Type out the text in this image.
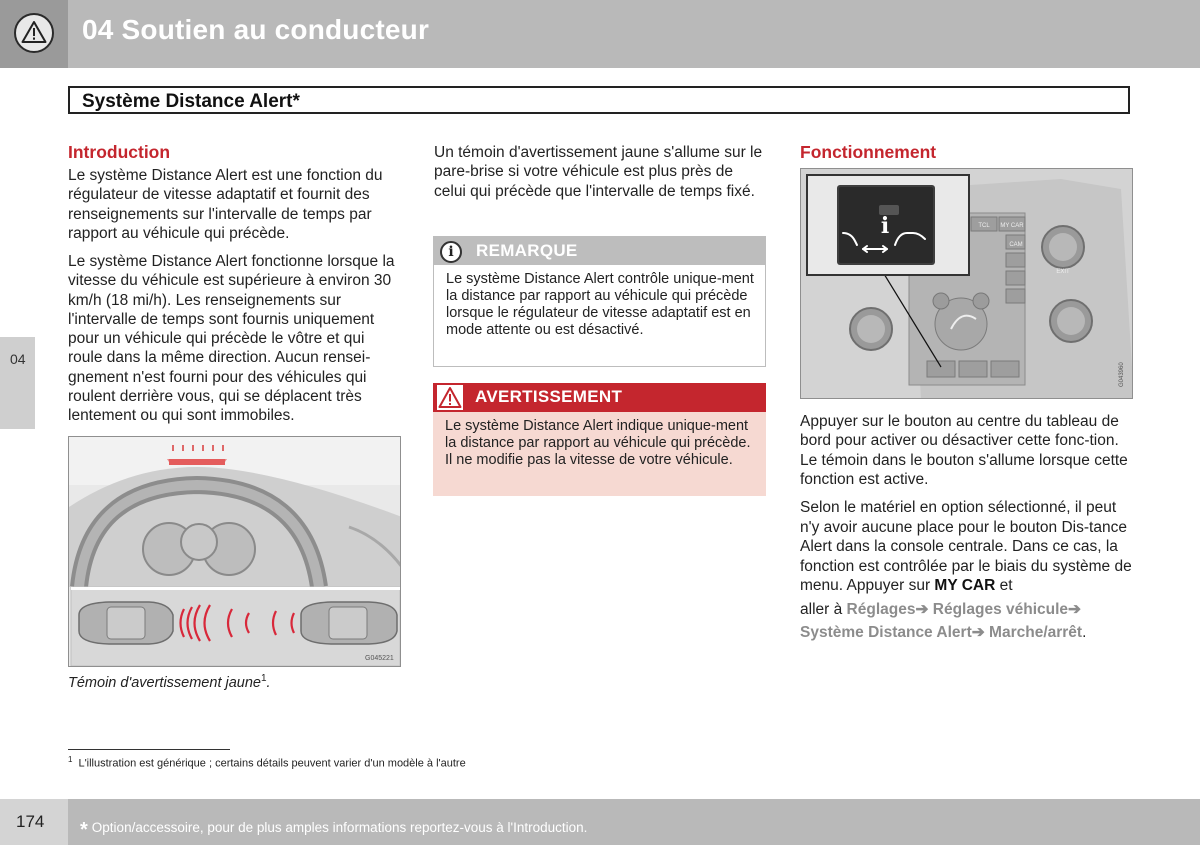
04 Soutien au conducteur
Système Distance Alert*
04
Introduction

Le système Distance Alert est une fonction du régulateur de vitesse adaptatif et fournit des renseignements sur l'intervalle de temps par rapport au véhicule qui précède.

Le système Distance Alert fonctionne lorsque la vitesse du véhicule est supérieure à environ 30 km/h (18 mi/h). Les renseignements sur l'intervalle de temps sont fournis uniquement pour un véhicule qui précède le vôtre et qui roule dans la même direction. Aucun rensei-gnement n'est fourni pour des véhicules qui roulent derrière vous, qui se déplacent très lentement ou qui sont immobiles.

G045221
Témoin d'avertissement jaune$^1$.

Un témoin d'avertissement jaune s'allume sur le pare-brise si votre véhicule est plus près de celui qui précède que l'intervalle de temps fixé.

i	REMARQUE

Le système Distance Alert contrôle unique-ment la distance par rapport au véhicule qui précède lorsque le régulateur de vitesse adaptatif est en mode attente ou est désactivé.

AVERTISSEMENT

Le système Distance Alert indique unique-ment la distance par rapport au véhicule qui précède. Il ne modifie pas la vitesse de votre véhicule.

Fonctionnement
TCL MY CAR
CAM
EXIT
i
G043960

Appuyer sur le bouton au centre du tableau de bord pour activer ou désactiver cette fonc-tion. Le témoin dans le bouton s'allume lorsque cette fonction est active.

Selon le matériel en option sélectionné, il peut n'y avoir aucune place pour le bouton Dis-tance Alert dans la console centrale. Dans ce cas, la fonction est contrôlée par le biais du système de menu. Appuyer sur MY CAR et

aller à Réglages➔ Réglages véhicule➔
Système Distance Alert➔ Marche/arrêt.

$^1$ L'illustration est générique ; certains détails peuvent varier d'un modèle à l'autre
174 * Option/accessoire, pour de plus amples informations reportez-vous à l'Introduction.
